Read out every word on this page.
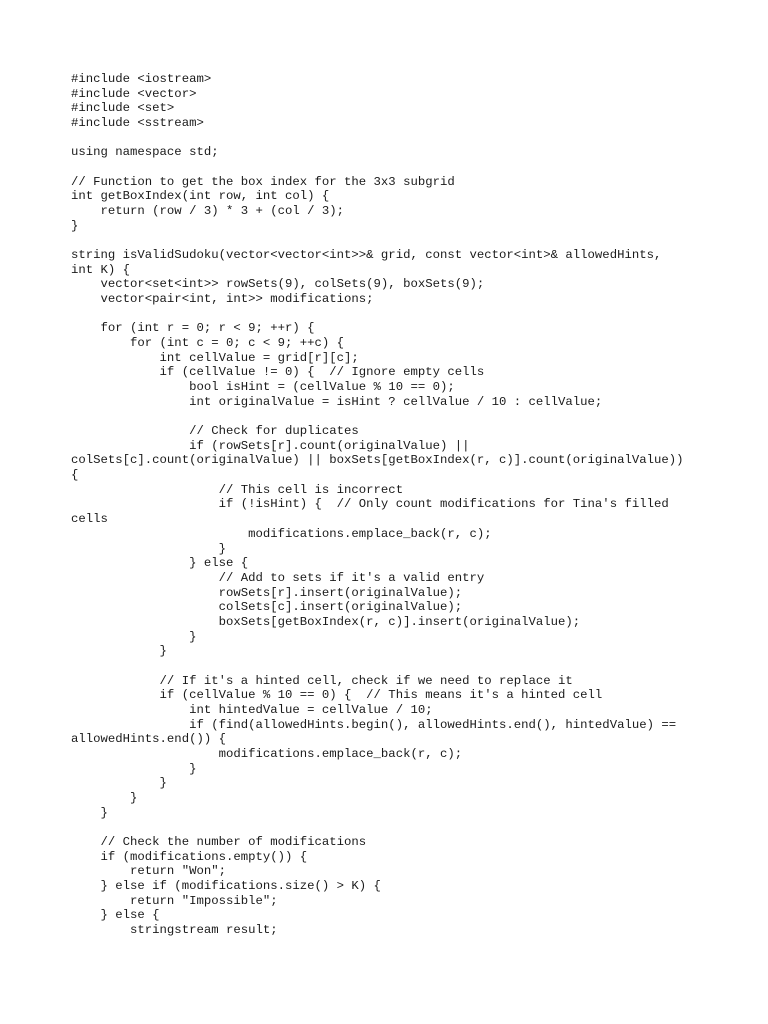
#include <iostream>
#include <vector>
#include <set>
#include <sstream>
using namespace std;
// Function to get the box index for the 3x3 subgrid
int getBoxIndex(int row, int col) {
return (row / 3) * 3 + (col / 3);
}
string isValidSudoku(vector<vector<int>>& grid, const vector<int>& allowedHints,
int K) {
vector<set<int>> rowSets(9), colSets(9), boxSets(9);
vector<pair<int, int>> modifications;
for (int r = 0; r < 9; ++r) {
for (int c = 0; c < 9; ++c) {
int cellValue = grid[r][c];
if (cellValue != 0) {  // Ignore empty cells
bool isHint = (cellValue % 10 == 0);
int originalValue = isHint ? cellValue / 10 : cellValue;
// Check for duplicates
if (rowSets[r].count(originalValue) ||
colSets[c].count(originalValue) || boxSets[getBoxIndex(r, c)].count(originalValue))
{
// This cell is incorrect
if (!isHint) {  // Only count modifications for Tina's filled
cells
modifications.emplace_back(r, c);
}
} else {
// Add to sets if it's a valid entry
rowSets[r].insert(originalValue);
colSets[c].insert(originalValue);
boxSets[getBoxIndex(r, c)].insert(originalValue);
}
}
// If it's a hinted cell, check if we need to replace it
if (cellValue % 10 == 0) {  // This means it's a hinted cell
int hintedValue = cellValue / 10;
if (find(allowedHints.begin(), allowedHints.end(), hintedValue) ==
allowedHints.end()) {
modifications.emplace_back(r, c);
}
}
}
}
// Check the number of modifications
if (modifications.empty()) {
return "Won";
} else if (modifications.size() > K) {
return "Impossible";
} else {
stringstream result;
